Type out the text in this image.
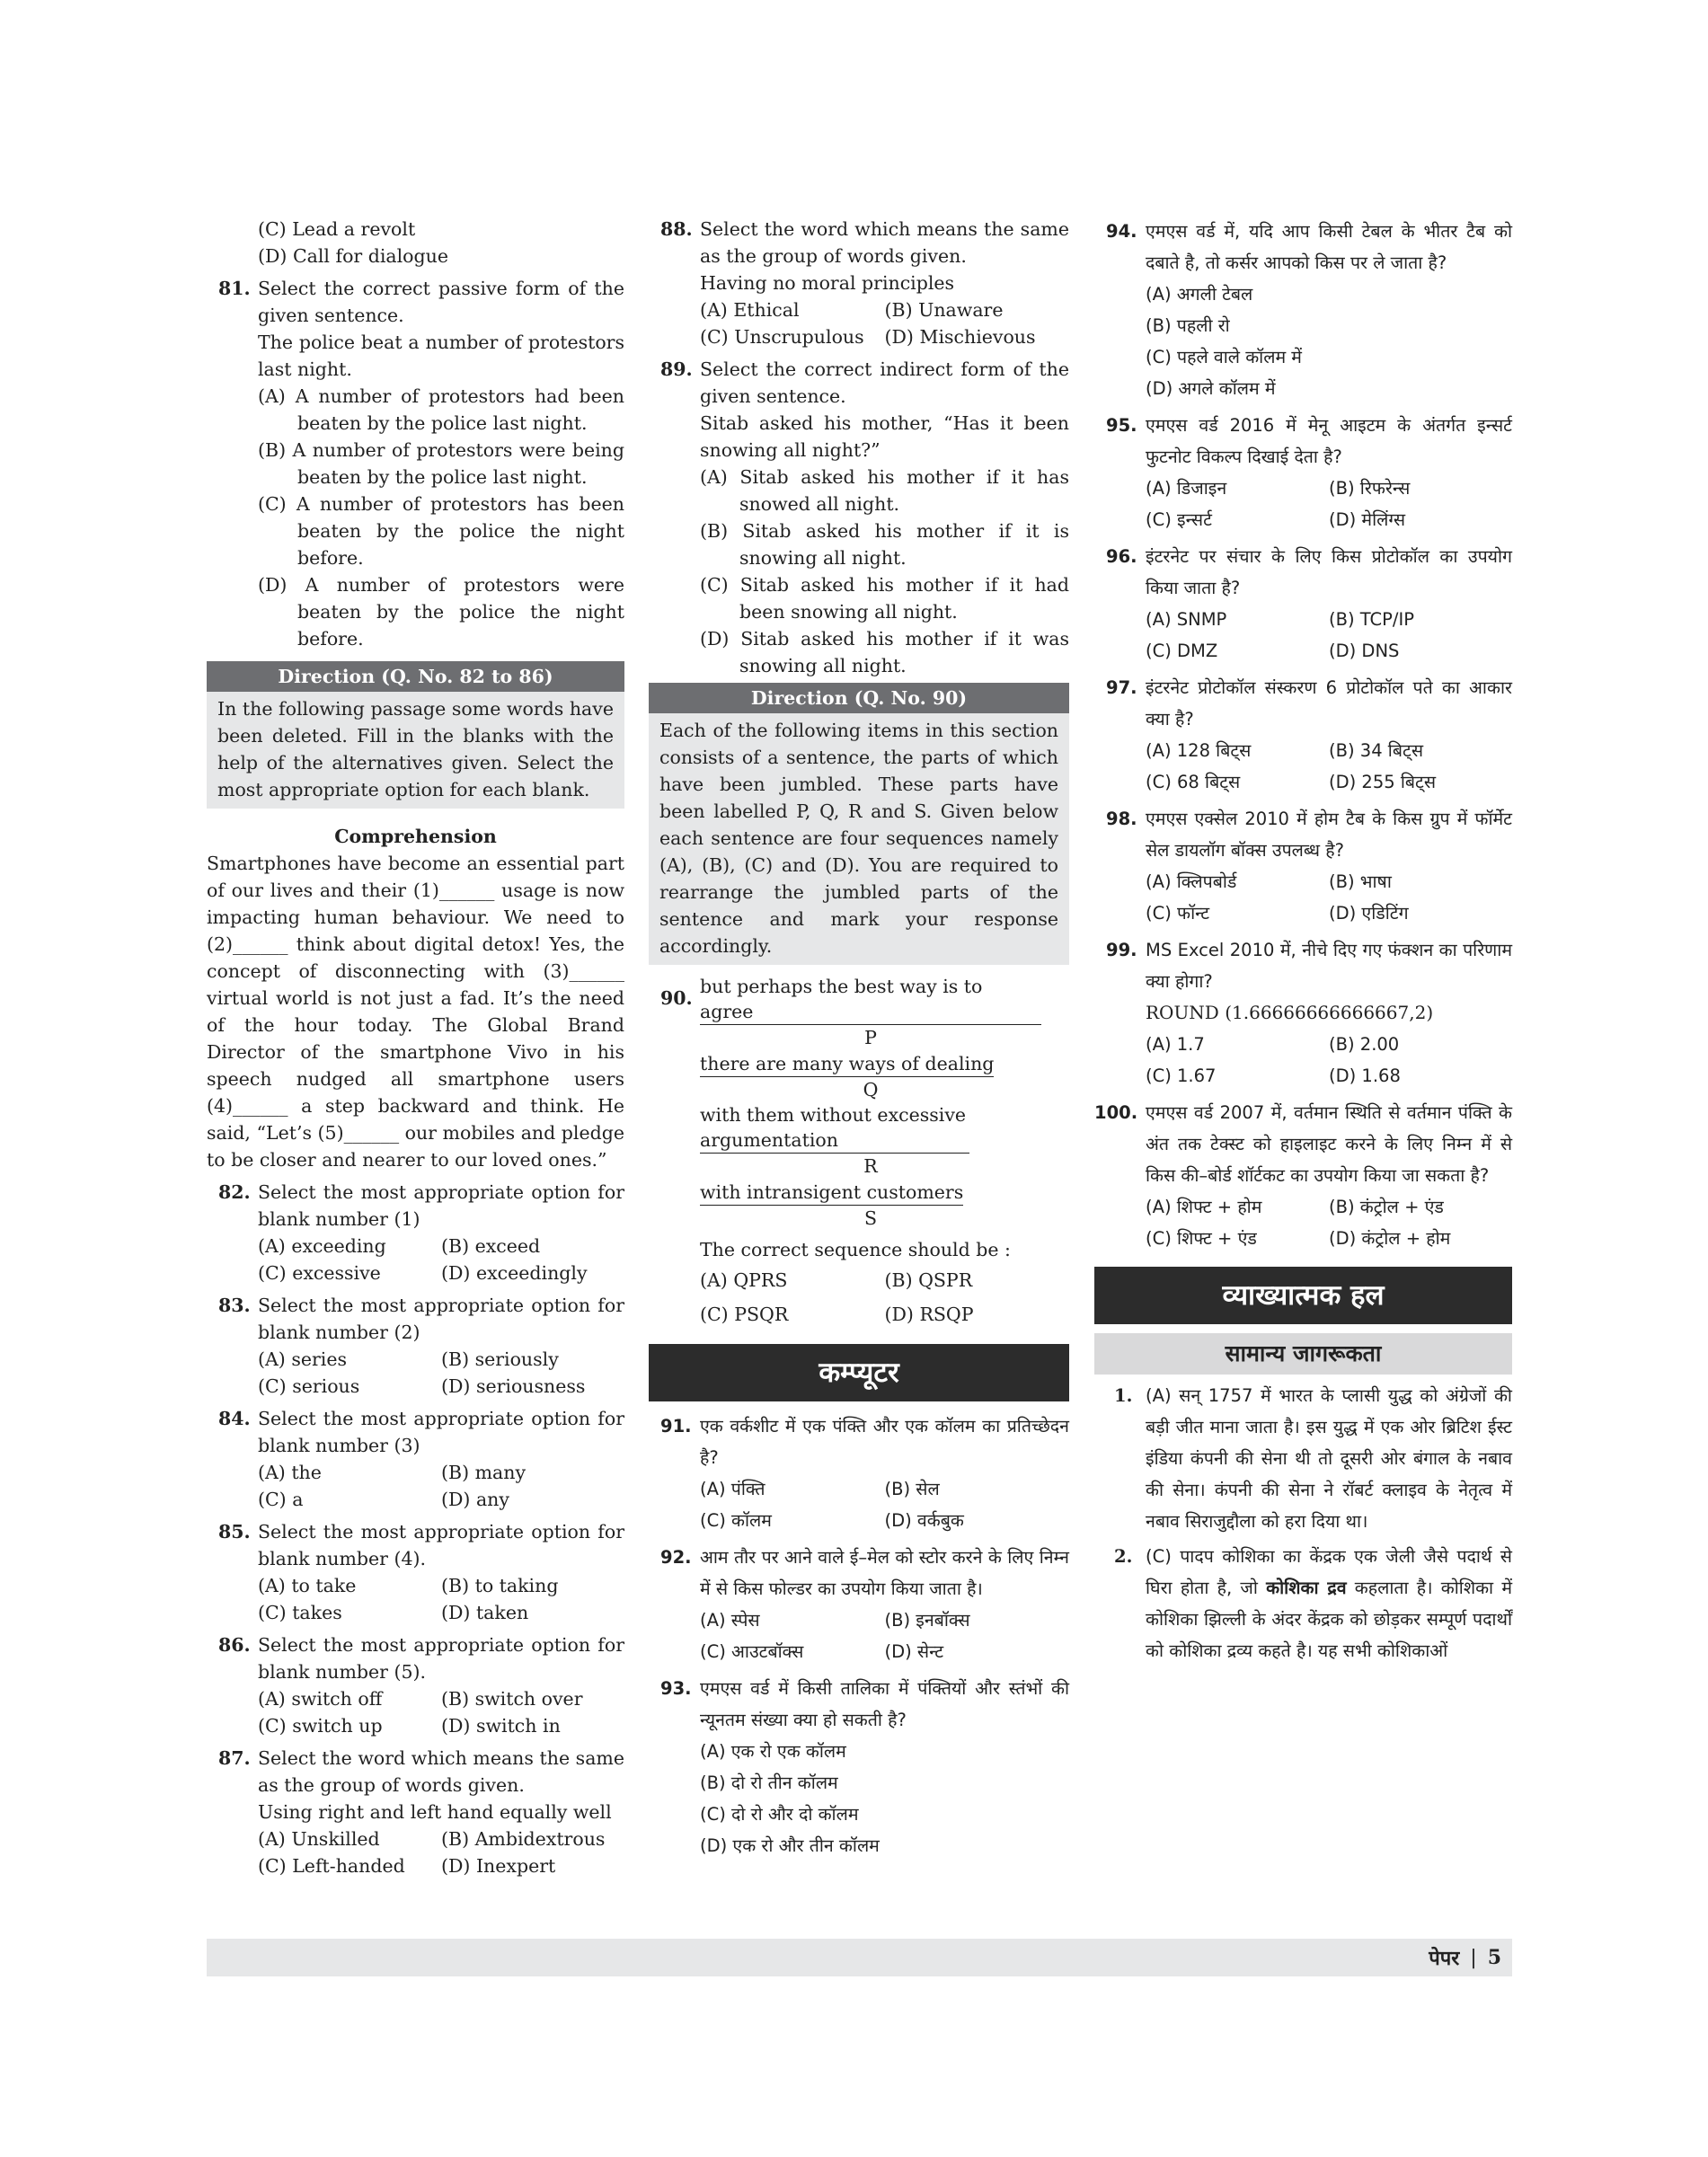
(C) Lead a revolt
(D) Call for dialogue
81. Select the correct passive form of the given sentence.
The police beat a number of protestors last night.
(A) A number of protestors had been beaten by the police last night.
(B) A number of protestors were being beaten by the police last night.
(C) A number of protestors has been beaten by the police the night before.
(D) A number of protestors were beaten by the police the night before.
Direction (Q. No. 82 to 86)
In the following passage some words have been deleted. Fill in the blanks with the help of the alternatives given. Select the most appropriate option for each blank.
Comprehension
Smartphones have become an essential part of our lives and their (1)______ usage is now impacting human behaviour. We need to (2)______ think about digital detox! Yes, the concept of disconnecting with (3)______ virtual world is not just a fad. It’s the need of the hour today. The Global Brand Director of the smartphone Vivo in his speech nudged all smartphone users (4)______ a step backward and think. He said, “Let’s (5)______ our mobiles and pledge to be closer and nearer to our loved ones.”
82. Select the most appropriate option for blank number (1)
(A) exceeding	(B) exceed
(C) excessive	(D) exceedingly
83. Select the most appropriate option for blank number (2)
(A) series	(B) seriously
(C) serious	(D) seriousness
84. Select the most appropriate option for blank number (3)
(A) the	(B) many
(C) a	(D) any
85. Select the most appropriate option for blank number (4).
(A) to take	(B) to taking
(C) takes	(D) taken
86. Select the most appropriate option for blank number (5).
(A) switch off	(B) switch over
(C) switch up	(D) switch in
87. Select the word which means the same as the group of words given.
Using right and left hand equally well
(A) Unskilled	(B) Ambidextrous
(C) Left-handed	(D) Inexpert
88. Select the word which means the same as the group of words given.
Having no moral principles
(A) Ethical	(B) Unaware
(C) Unscrupulous	(D) Mischievous
89. Select the correct indirect form of the given sentence.
Sitab asked his mother, “Has it been snowing all night?”
(A) Sitab asked his mother if it has snowed all night.
(B) Sitab asked his mother if it is snowing all night.
(C) Sitab asked his mother if it had been snowing all night.
(D) Sitab asked his mother if it was snowing all night.
Direction (Q. No. 90)
Each of the following items in this section consists of a sentence, the parts of which have been jumbled. These parts have been labelled P, Q, R and S. Given below each sentence are four sequences namely (A), (B), (C) and (D). You are required to rearrange the jumbled parts of the sentence and mark your response accordingly.
90.
but perhaps the best way is to agree
P
there are many ways of dealing
Q
with them without excessive argumentation
R
with intransigent customers
S
The correct sequence should be :
(A) QPRS	(B) QSPR
(C) PSQR	(D) RSQP
कम्प्यूटर
91. एक वर्कशीट में एक पंक्ति और एक कॉलम का प्रतिच्छेदन है?
(A) पंक्ति	(B) सेल
(C) कॉलम	(D) वर्कबुक
92. आम तौर पर आने वाले ई–मेल को स्टोर करने के लिए निम्न में से किस फोल्डर का उपयोग किया जाता है।
(A) स्पेस	(B) इनबॉक्स
(C) आउटबॉक्स	(D) सेन्ट
93. एमएस वर्ड में किसी तालिका में पंक्तियों और स्तंभों की न्यूनतम संख्या क्या हो सकती है?
(A) एक रो एक कॉलम
(B) दो रो तीन कॉलम
(C) दो रो और दो कॉलम
(D) एक रो और तीन कॉलम
94. एमएस वर्ड में, यदि आप किसी टेबल के भीतर टैब को दबाते है, तो कर्सर आपको किस पर ले जाता है?
(A) अगली टेबल
(B) पहली रो
(C) पहले वाले कॉलम में
(D) अगले कॉलम में
95. एमएस वर्ड 2016 में मेनू आइटम के अंतर्गत इन्सर्ट फुटनोट विकल्प दिखाई देता है?
(A) डिजाइन	(B) रिफरेन्स
(C) इन्सर्ट	(D) मेलिंग्स
96. इंटरनेट पर संचार के लिए किस प्रोटोकॉल का उपयोग किया जाता है?
(A) SNMP	(B) TCP/IP
(C) DMZ	(D) DNS
97. इंटरनेट प्रोटोकॉल संस्करण 6 प्रोटोकॉल पते का आकार क्या है?
(A) 128 बिट्स	(B) 34 बिट्स
(C) 68 बिट्स	(D) 255 बिट्स
98. एमएस एक्सेल 2010 में होम टैब के किस ग्रुप में फॉर्मेट सेल डायलॉग बॉक्स उपलब्ध है?
(A) क्लिपबोर्ड	(B) भाषा
(C) फॉन्ट	(D) एडिटिंग
99. MS Excel 2010 में, नीचे दिए गए फंक्शन का परिणाम क्या होगा?
ROUND (1.66666666666667,2)
(A) 1.7	(B) 2.00
(C) 1.67	(D) 1.68
100. एमएस वर्ड 2007 में, वर्तमान स्थिति से वर्तमान पंक्ति के अंत तक टेक्स्ट को हाइलाइट करने के लिए निम्न में से किस की–बोर्ड शॉर्टकट का उपयोग किया जा सकता है?
(A) शिफ्ट + होम	(B) कंट्रोल + एंड
(C) शिफ्ट + एंड	(D) कंट्रोल + होम
व्याख्यात्मक हल
सामान्य जागरूकता
1. (A) सन् 1757 में भारत के प्लासी युद्ध को अंग्रेजों की बड़ी जीत माना जाता है। इस युद्ध में एक ओर ब्रिटिश ईस्ट इंडिया कंपनी की सेना थी तो दूसरी ओर बंगाल के नबाव की सेना। कंपनी की सेना ने रॉबर्ट क्लाइव के नेतृत्व में नबाव सिराजुद्दौला को हरा दिया था।
2. (C) पादप कोशिका का केंद्रक एक जेली जैसे पदार्थ से घिरा होता है, जो कोशिका द्रव कहलाता है। कोशिका में कोशिका झिल्ली के अंदर केंद्रक को छोड़कर सम्पूर्ण पदार्थों को कोशिका द्रव्य कहते है। यह सभी कोशिकाओं
पेपर | 5
